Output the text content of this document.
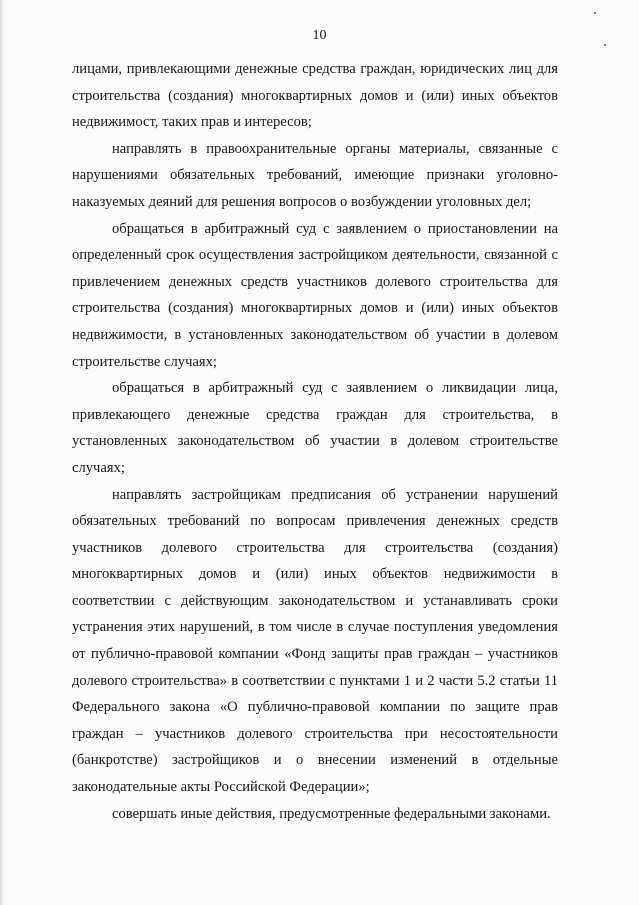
10

лицами, привлекающими денежные средства граждан, юридических лиц для строительства (создания) многоквартирных домов и (или) иных объектов недвижимост, таких прав и интересов;

направлять в правоохранительные органы материалы, связанные с нарушениями обязательных требований, имеющие признаки уголовно-наказуемых деяний для решения вопросов о возбуждении уголовных дел;

обращаться в арбитражный суд с заявлением о приостановлении на определенный срок осуществления застройщиком деятельности, связанной с привлечением денежных средств участников долевого строительства для строительства (создания) многоквартирных домов и (или) иных объектов недвижимости, в установленных законодательством об участии в долевом строительстве случаях;

обращаться в арбитражный суд с заявлением о ликвидации лица, привлекающего денежные средства граждан для строительства, в установленных законодательством об участии в долевом строительстве случаях;

направлять застройщикам предписания об устранении нарушений обязательных требований по вопросам привлечения денежных средств участников долевого строительства для строительства (создания) многоквартирных домов и (или) иных объектов недвижимости в соответствии с действующим законодательством и устанавливать сроки устранения этих нарушений, в том числе в случае поступления уведомления от публично-правовой компании «Фонд защиты прав граждан – участников долевого строительства» в соответствии с пунктами 1 и 2 части 5.2 статьи 11 Федерального закона «О публично-правовой компании по защите прав граждан – участников долевого строительства при несостоятельности (банкротстве) застройщиков и о внесении изменений в отдельные законодательные акты Российской Федерации»;

совершать иные действия, предусмотренные федеральными законами.
